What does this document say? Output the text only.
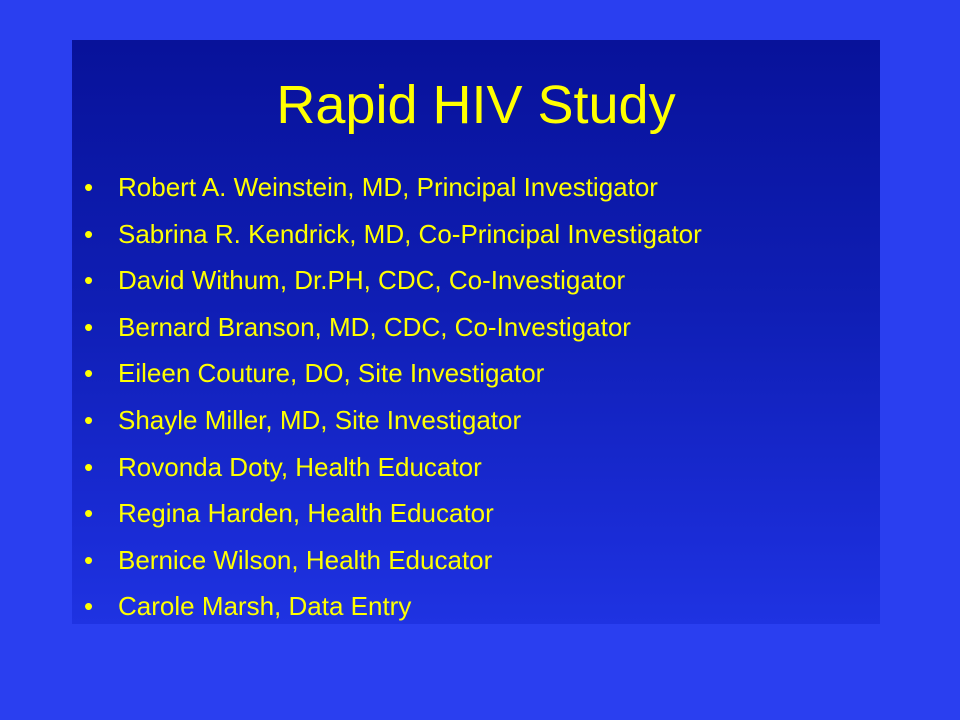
Rapid HIV Study
• Robert A. Weinstein, MD, Principal Investigator
• Sabrina R. Kendrick, MD, Co-Principal Investigator
• David Withum, Dr.PH, CDC, Co-Investigator
• Bernard Branson, MD, CDC, Co-Investigator
• Eileen Couture, DO, Site Investigator
• Shayle Miller, MD, Site Investigator
• Rovonda Doty, Health Educator
• Regina Harden, Health Educator
• Bernice Wilson, Health Educator
• Carole Marsh, Data Entry
